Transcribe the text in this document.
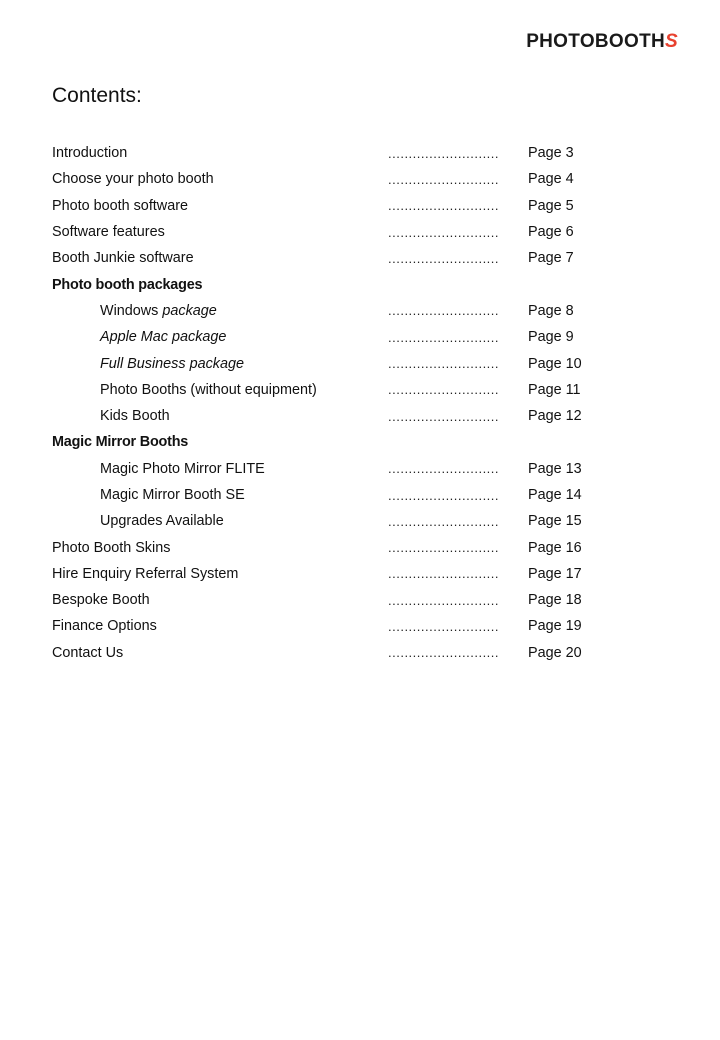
PHOTOBOOTHS
Contents:
Introduction	...........................	Page 3
Choose your photo booth	...........................	Page 4
Photo booth software	...........................	Page 5
Software features	...........................	Page 6
Booth Junkie software	...........................	Page 7
Photo booth packages
Windows package	...........................	Page 8
Apple Mac package	...........................	Page 9
Full Business package	...........................	Page 10
Photo Booths (without equipment)	...........................	Page 11
Kids Booth	...........................	Page 12
Magic Mirror Booths
Magic Photo Mirror FLITE	...........................	Page 13
Magic Mirror Booth SE	...........................	Page 14
Upgrades Available	...........................	Page 15
Photo Booth Skins	...........................	Page 16
Hire Enquiry Referral System	...........................	Page 17
Bespoke Booth	...........................	Page 18
Finance Options	...........................	Page 19
Contact Us	...........................	Page 20
